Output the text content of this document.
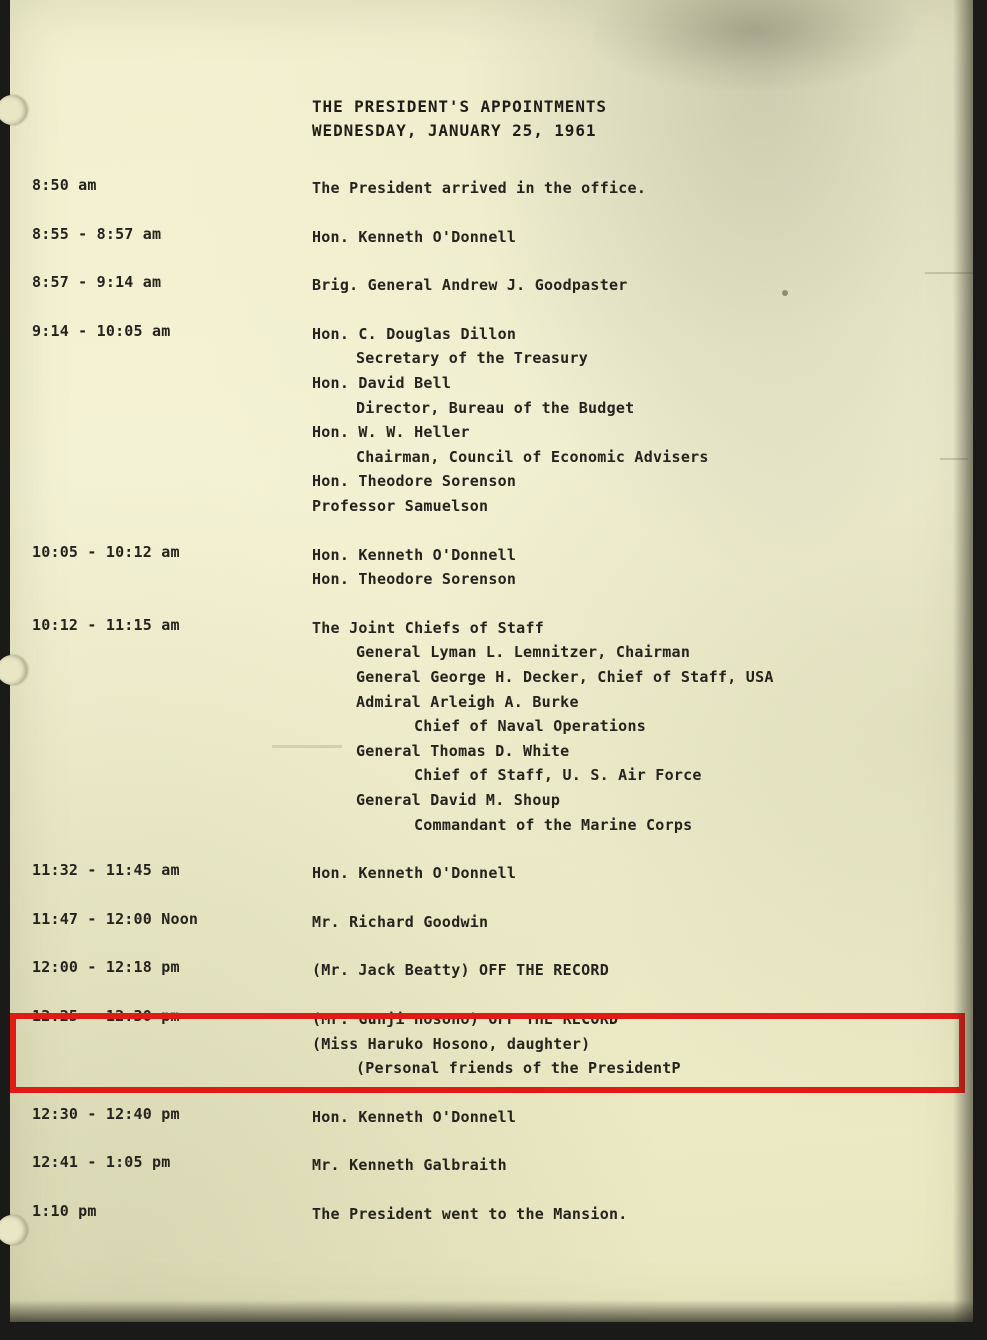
THE PRESIDENT'S APPOINTMENTS
WEDNESDAY, JANUARY 25, 1961
8:50 am	The President arrived in the office.
8:55 - 8:57 am	Hon. Kenneth O'Donnell
8:57 - 9:14 am	Brig. General Andrew J. Goodpaster
9:14 - 10:05 am	Hon. C. Douglas Dillon
Secretary of the Treasury
Hon. David Bell
Director, Bureau of the Budget
Hon. W. W. Heller
Chairman, Council of Economic Advisers
Hon. Theodore Sorenson
Professor Samuelson
10:05 - 10:12 am	Hon. Kenneth O'Donnell
Hon. Theodore Sorenson
10:12 - 11:15 am	The Joint Chiefs of Staff
General Lyman L. Lemnitzer, Chairman
General George H. Decker, Chief of Staff, USA
Admiral Arleigh A. Burke
Chief of Naval Operations
General Thomas D. White
Chief of Staff, U. S. Air Force
General David M. Shoup
Commandant of the Marine Corps
11:32 - 11:45 am	Hon. Kenneth O'Donnell
11:47 - 12:00 Noon	Mr. Richard Goodwin
12:00 - 12:18 pm	(Mr. Jack Beatty) OFF THE RECORD
12:25 - 12:30 pm	(Mr. Gunji Hosono) OFF THE RECORD
(Miss Haruko Hosono, daughter)
(Personal friends of the PresidentP
12:30 - 12:40 pm	Hon. Kenneth O'Donnell
12:41 - 1:05 pm	Mr. Kenneth Galbraith
1:10 pm	The President went to the Mansion.
